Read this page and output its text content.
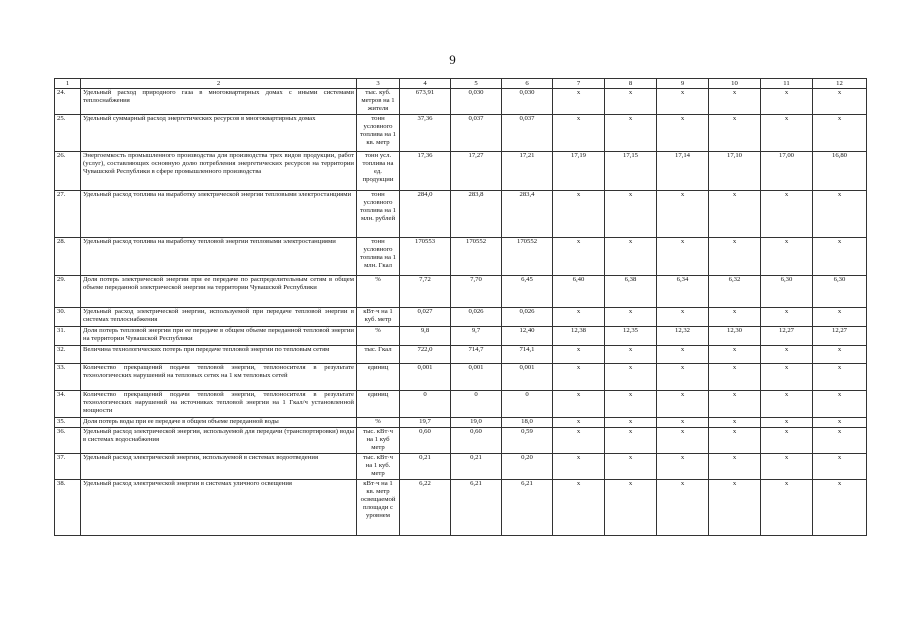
9
1	2	3	4	5	6	7	8	9	10	11	12
24.	Удельный расход природного газа в многоквартирных домах с иными системами теплоснабжения	тыс. куб. метров на 1 жителя	673,91	0,030	0,030	х	х	х	х	х	х
25.	Удельный суммарный расход энергетических ресурсов в многоквартирных домах	тонн условного топлива на 1 кв. метр	37,36	0,037	0,037	х	х	х	х	х	х
26.	Энергоемкость промышленного производства для производства трех видов продукции, работ (услуг), составляющих основную долю потребления энергетических ресурсов на территории Чувашской Республики в сфере промышленного производства	тонн усл. топлива на ед. продукции	17,36	17,27	17,21	17,19	17,15	17,14	17,10	17,00	16,80
27.	Удельный расход топлива на выработку электрической энергии тепловыми электростанциями	тонн условного топлива на 1 млн. рублей	284,0	283,8	283,4	х	х	х	х	х	х
28.	Удельный расход топлива на выработку тепловой энергии тепловыми электростанциями	тонн условного топлива на 1 млн. Гкал	170553	170552	170552	х	х	х	х	х	х
29.	Доля потерь электрической энергии при ее передаче по распределительным сетям в общем объеме переданной электрической энергии на территории Чувашской Республики	%	7,72	7,70	6,45	6,40	6,38	6,34	6,32	6,30	6,30
30.	Удельный расход электрической энергии, используемой при передаче тепловой энергии в системах теплоснабжения	кВт·ч на 1 куб. метр	0,027	0,026	0,026	х	х	х	х	х	х
31.	Доля потерь тепловой энергии при ее передаче в общем объеме переданной тепловой энергии на территории Чувашской Республики	%	9,8	9,7	12,40	12,38	12,35	12,32	12,30	12,27	12,27
32.	Величина технологических потерь при передаче тепловой энергии по тепловым сетям	тыс. Гкал	722,0	714,7	714,1	х	х	х	х	х	х
33.	Количество прекращений подачи тепловой энергии, теплоносителя в результате технологических нарушений на тепловых сетях на 1 км тепловых сетей	единиц	0,001	0,001	0,001	х	х	х	х	х	х
34.	Количество прекращений подачи тепловой энергии, теплоносителя в результате технологических нарушений на источниках тепловой энергии на 1 Гкал/ч установленной мощности	единиц	0	0	0	х	х	х	х	х	х
35.	Доля потерь воды при ее передаче в общем объеме переданной воды	%	19,7	19,0	18,0	х	х	х	х	х	х
36.	Удельный расход электрической энергии, используемой для передачи (транспортировки) воды в системах водоснабжения	тыс. кВт·ч на 1 куб метр	0,60	0,60	0,59	х	х	х	х	х	х
37.	Удельный расход электрической энергии, используемой в системах водоотведения	тыс. кВт·ч на 1 куб. метр	0,21	0,21	0,20	х	х	х	х	х	х
38.	Удельный расход электрической энергии в системах уличного освещения	кВт·ч на 1 кв. метр освещаемой площади с уровнем	6,22	6,21	6,21	х	х	х	х	х	х
